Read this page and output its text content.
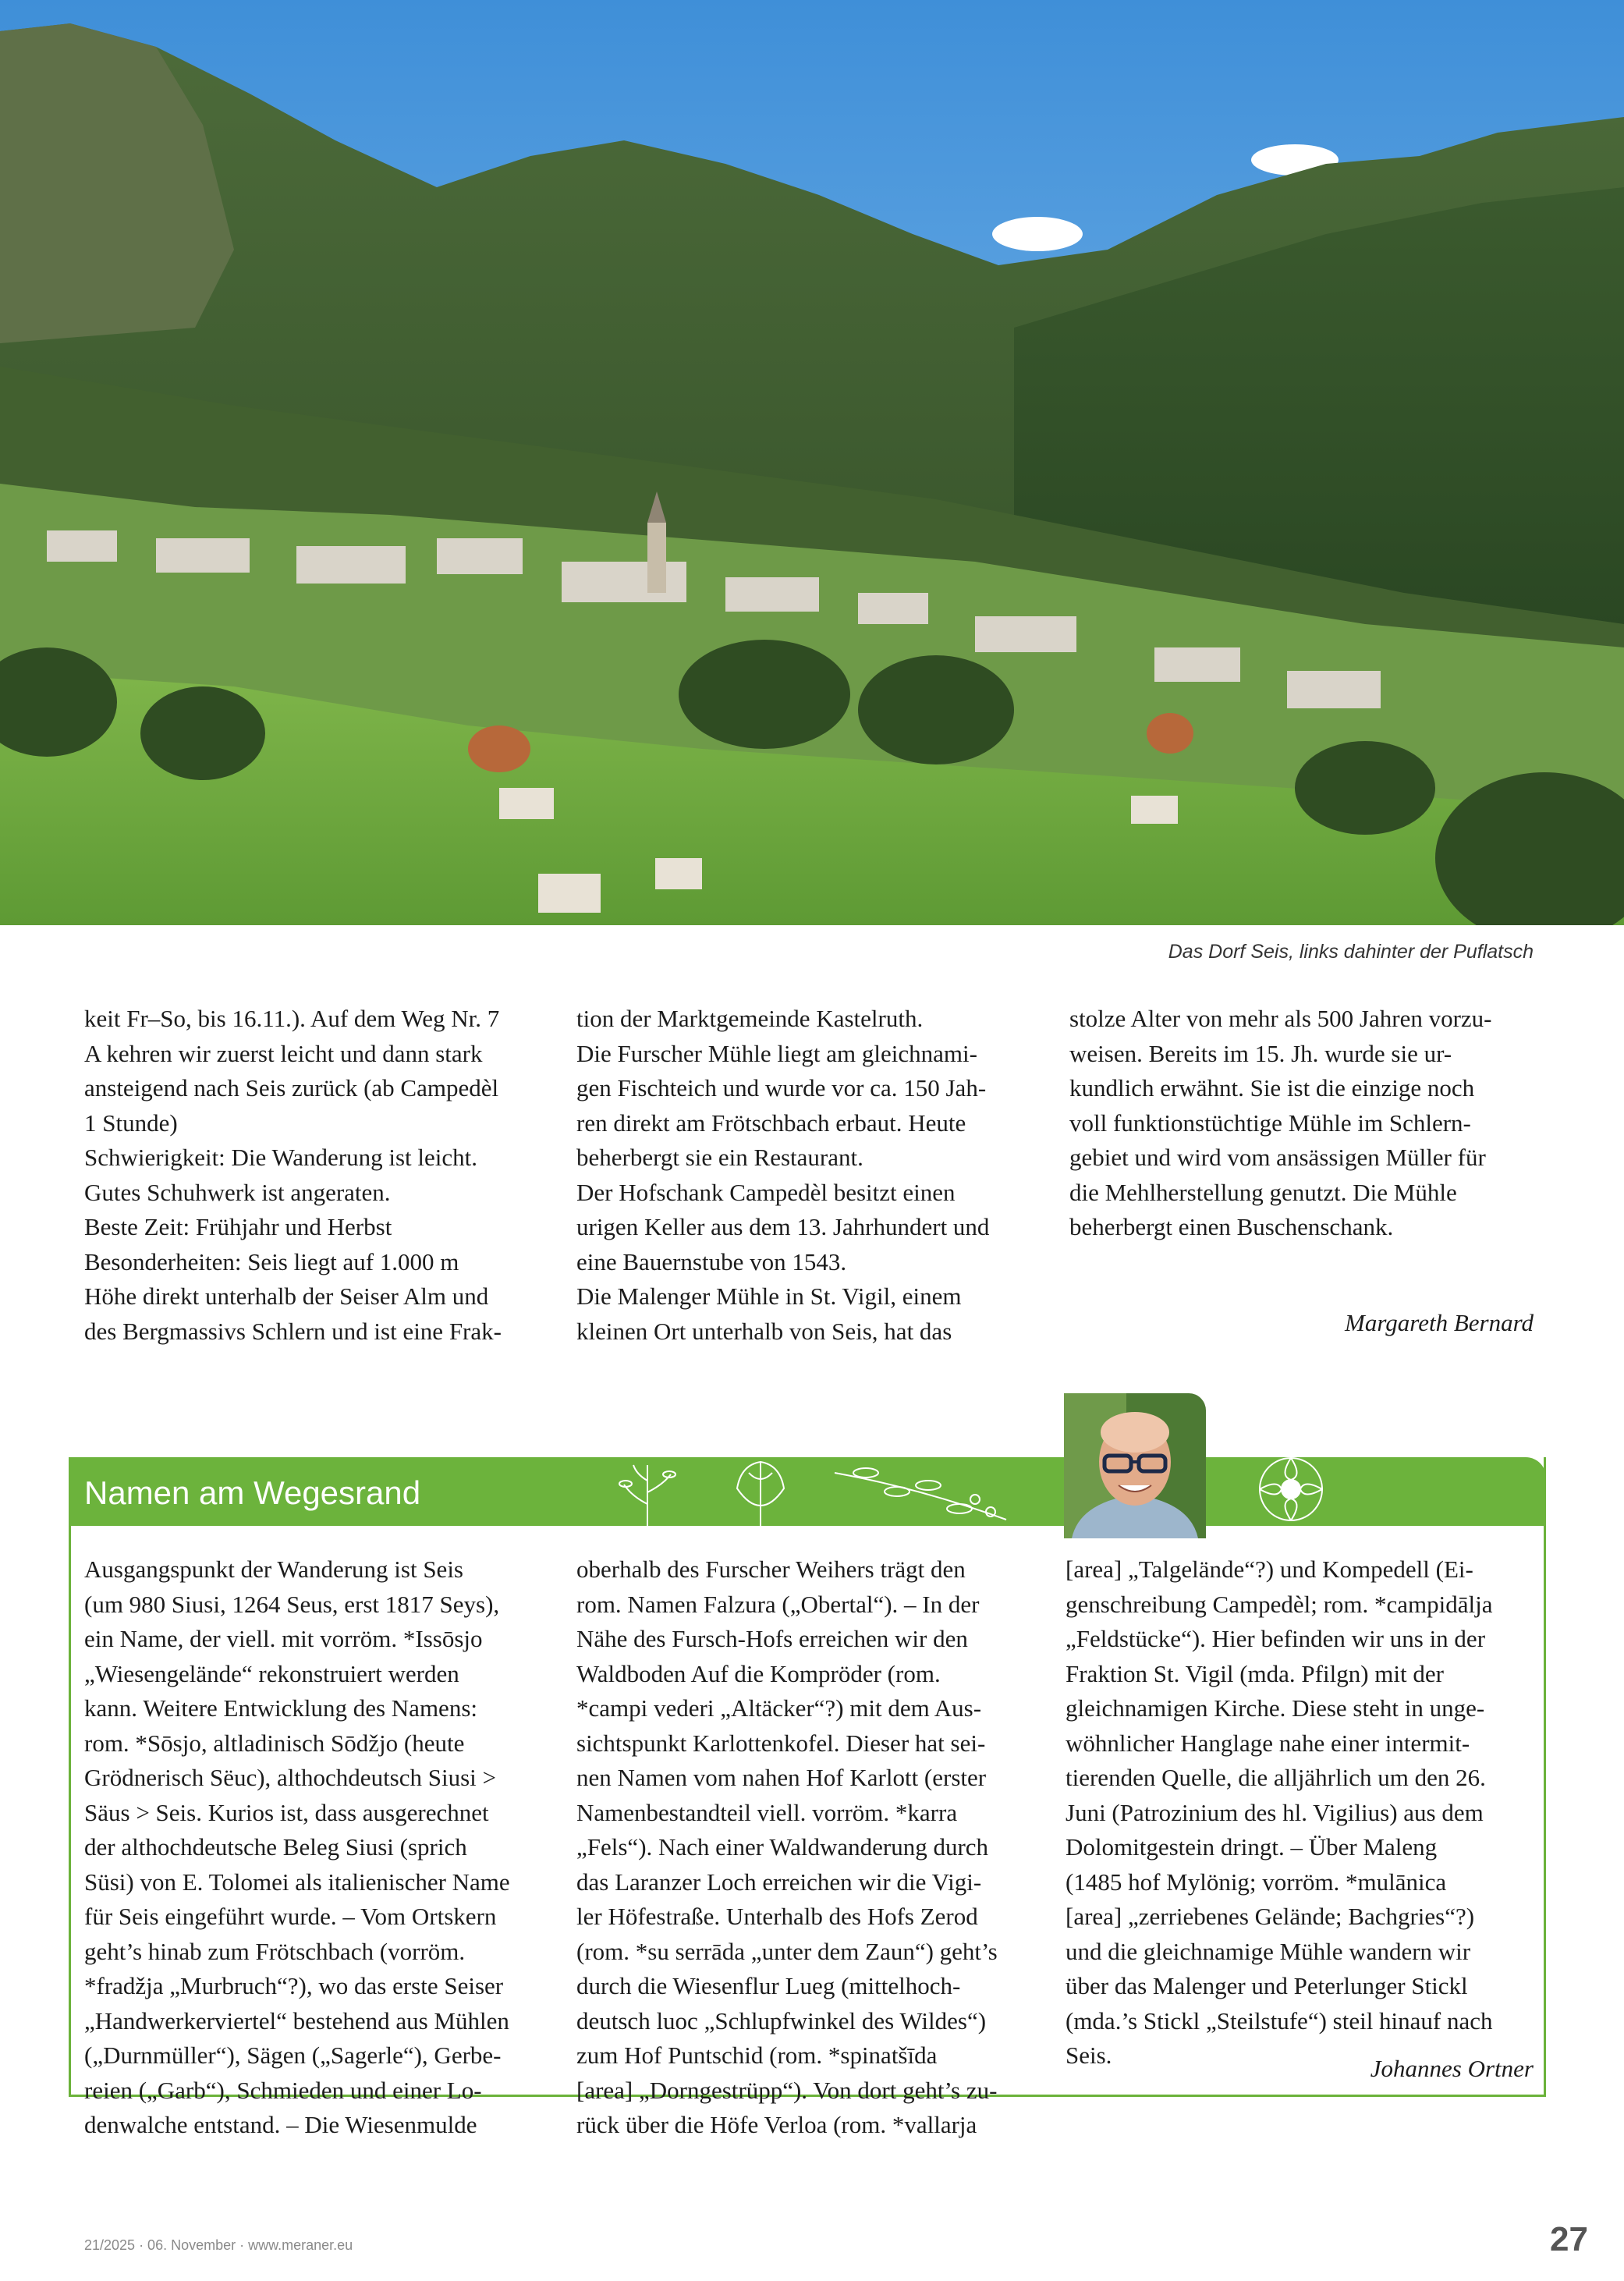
Das Dorf Seis, links dahinter der Puflatsch

keit Fr–So, bis 16.11.). Auf dem Weg Nr. 7

A kehren wir zuerst leicht und dann stark

ansteigend nach Seis zurück (ab Campedèl

1 Stunde)

Schwierigkeit: Die Wanderung ist leicht.

Gutes Schuhwerk ist angeraten.

Beste Zeit: Frühjahr und Herbst

Besonderheiten: Seis liegt auf 1.000 m

Höhe direkt unterhalb der Seiser Alm und

des Bergmassivs Schlern und ist eine Frak-

tion der Marktgemeinde Kastelruth.

Die Furscher Mühle liegt am gleichnami-

gen Fischteich und wurde vor ca. 150 Jah-

ren direkt am Frötschbach erbaut. Heute

beherbergt sie ein Restaurant.

Der Hofschank Campedèl besitzt einen

urigen Keller aus dem 13. Jahrhundert und

eine Bauernstube von 1543.

Die Malenger Mühle in St. Vigil, einem

kleinen Ort unterhalb von Seis, hat das

stolze Alter von mehr als 500 Jahren vorzu-

weisen. Bereits im 15. Jh. wurde sie ur-

kundlich erwähnt. Sie ist die einzige noch

voll funktionstüchtige Mühle im Schlern-

gebiet und wird vom ansässigen Müller für

die Mehlherstellung genutzt. Die Mühle

beherbergt einen Buschenschank.

Margareth Bernard
Namen am Wegesrand

Ausgangspunkt der Wanderung ist Seis

(um 980 Siusi, 1264 Seus, erst 1817 Seys),

ein Name, der viell. mit vorröm. *Issōsjo

„Wiesengelände“ rekonstruiert werden

kann. Weitere Entwicklung des Namens:

rom. *Sōsjo, altladinisch Sōdžjo (heute

Grödnerisch Sëuc), althochdeutsch Siusi >

Säus > Seis. Kurios ist, dass ausgerechnet

der althochdeutsche Beleg Siusi (sprich

Süsi) von E. Tolomei als italienischer Name

für Seis eingeführt wurde. – Vom Ortskern

geht’s hinab zum Frötschbach (vorröm.

*fradžja „Murbruch“?), wo das erste Seiser

„Handwerkerviertel“ bestehend aus Mühlen

(„Durnmüller“), Sägen („Sagerle“), Gerbe-

reien („Garb“), Schmieden und einer Lo-

denwalche entstand. – Die Wiesenmulde

oberhalb des Furscher Weihers trägt den

rom. Namen Falzura („Obertal“). – In der

Nähe des Fursch-Hofs erreichen wir den

Waldboden Auf die Kompröder (rom.

*campi vederi „Altäcker“?) mit dem Aus-

sichtspunkt Karlottenkofel. Dieser hat sei-

nen Namen vom nahen Hof Karlott (erster

Namenbestandteil viell. vorröm. *karra

„Fels“). Nach einer Waldwanderung durch

das Laranzer Loch erreichen wir die Vigi-

ler Höfestraße. Unterhalb des Hofs Zerod

(rom. *su serrāda „unter dem Zaun“) geht’s

durch die Wiesenflur Lueg (mittelhoch-

deutsch luoc „Schlupfwinkel des Wildes“)

zum Hof Puntschid (rom. *spinatšīda

[area] „Dorngestrüpp“). Von dort geht’s zu-

rück über die Höfe Verloa (rom. *vallarja

[area] „Talgelände“?) und Kompedell (Ei-

genschreibung Campedèl; rom. *campidālja

„Feldstücke“). Hier befinden wir uns in der

Fraktion St. Vigil (mda. Pfilgn) mit der

gleichnamigen Kirche. Diese steht in unge-

wöhnlicher Hanglage nahe einer intermit-

tierenden Quelle, die alljährlich um den 26.

Juni (Patrozinium des hl. Vigilius) aus dem

Dolomitgestein dringt. – Über Maleng

(1485 hof Mylönig; vorröm. *mulānica

[area] „zerriebenes Gelände; Bachgries“?)

und die gleichnamige Mühle wandern wir

über das Malenger und Peterlunger Stickl

(mda.’s Stickl „Steilstufe“) steil hinauf nach

Seis.	Johannes Ortner
21/2025 · 06. November · www.meraner.eu	27
